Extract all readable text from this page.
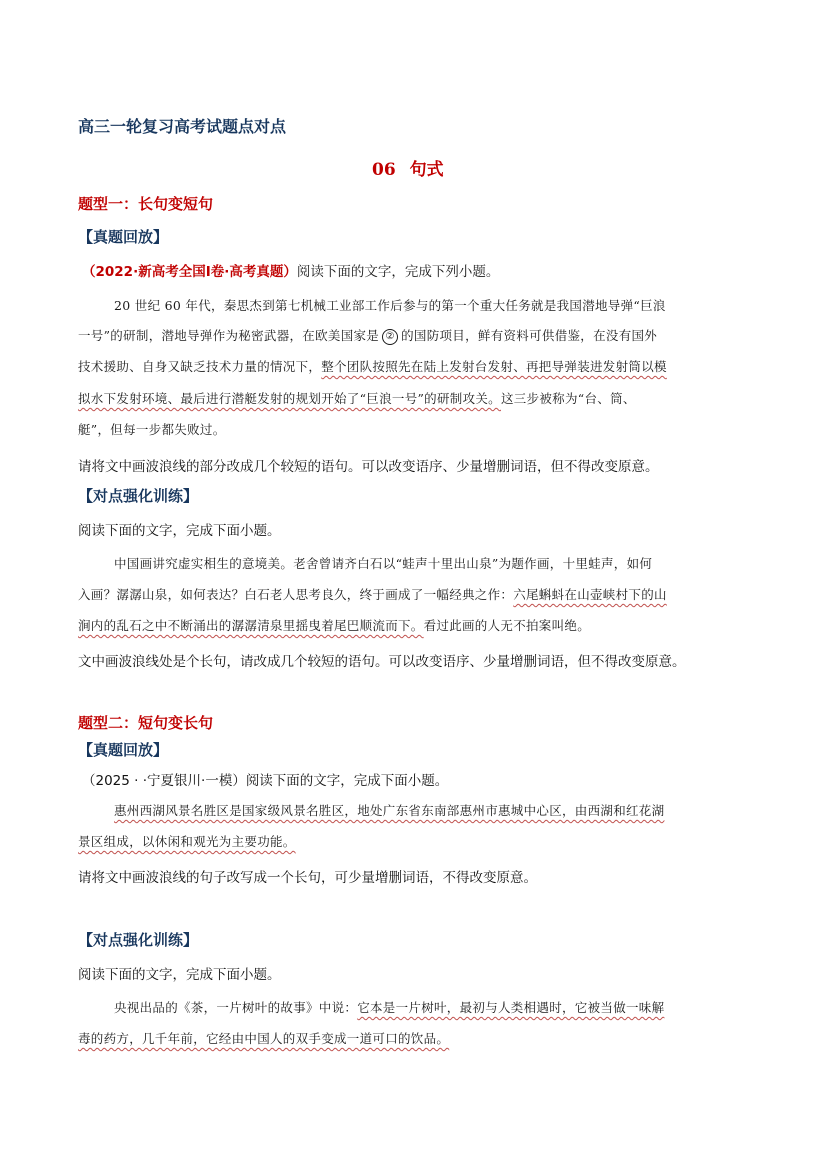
高三一轮复习高考试题点对点
06 句式
题型一：长句变短句
【真题回放】
（2022·新高考全国Ⅰ卷·高考真题）阅读下面的文字，完成下列小题。
20 世纪 60 年代，秦思杰到第七机械工业部工作后参与的第一个重大任务就是我国潜地导弹“巨浪
一号”的研制，潜地导弹作为秘密武器，在欧美国家是 ② 的国防项目，鲜有资料可供借鉴，在没有国外
技术援助、自身又缺乏技术力量的情况下，整个团队按照先在陆上发射台发射、再把导弹装进发射筒以模
拟水下发射环境、最后进行潜艇发射的规划开始了“巨浪一号”的研制攻关。这三步被称为“台、筒、
艇”，但每一步都失败过。
请将文中画波浪线的部分改成几个较短的语句。可以改变语序、少量增删词语，但不得改变原意。
【对点强化训练】
阅读下面的文字，完成下面小题。
中国画讲究虚实相生的意境美。老舍曾请齐白石以“蛙声十里出山泉”为题作画，十里蛙声，如何
入画？潺潺山泉，如何表达？白石老人思考良久，终于画成了一幅经典之作：六尾蝌蚪在山壶峡村下的山
涧内的乱石之中不断涌出的潺潺清泉里摇曳着尾巴顺流而下。看过此画的人无不拍案叫绝。
文中画波浪线处是个长句，请改成几个较短的语句。可以改变语序、少量增删词语，但不得改变原意。
题型二：短句变长句
【真题回放】
（2025 · ·宁夏银川·一模）阅读下面的文字，完成下面小题。
惠州西湖风景名胜区是国家级风景名胜区，地处广东省东南部惠州市惠城中心区，由西湖和红花湖
景区组成，以休闲和观光为主要功能。
请将文中画波浪线的句子改写成一个长句，可少量增删词语，不得改变原意。
【对点强化训练】
阅读下面的文字，完成下面小题。
央视出品的《茶，一片树叶的故事》中说：它本是一片树叶，最初与人类相遇时，它被当做一味解
毒的药方，几千年前，它经由中国人的双手变成一道可口的饮品。
